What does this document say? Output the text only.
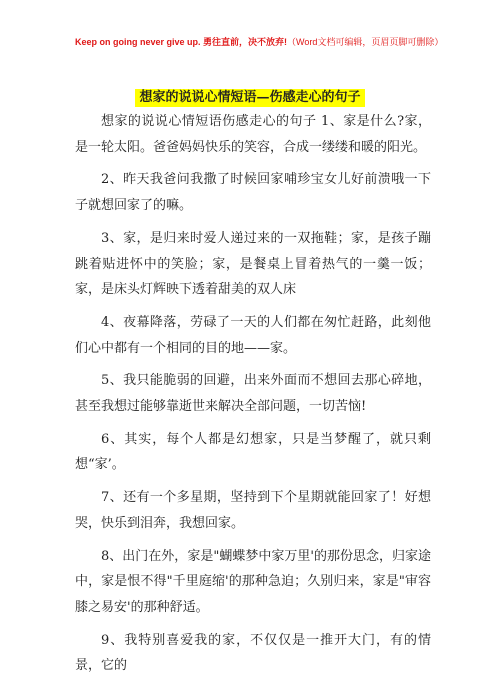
Keep on going never give up. 勇往直前，决不放弃!（Word文档可编辑，页眉页脚可删除）
想家的说说心情短语—伤感走心的句子

想家的说说心情短语伤感走心的句子 1、家是什么?家，是一轮太阳。爸爸妈妈快乐的笑容，合成一缕缕和暖的阳光。

2、昨天我爸问我撒了时候回家哺珍宝女儿好前溃哦一下子就想回家了的嘛。

3、家，是归来时爱人递过来的一双拖鞋；家，是孩子蹦跳着贴进怀中的笑脸；家，是餐桌上冒着热气的一羹一饭；家，是床头灯辉映下透着甜美的双人床

4、夜幕降落，劳碌了一天的人们都在匆忙赶路，此刻他们心中都有一个相同的目的地——家。

5、我只能脆弱的回避，出来外面而不想回去那心碎地，甚至我想过能够靠逝世来解决全部问题，一切苦恼!

6、其实，每个人都是幻想家，只是当梦醒了，就只剩想“家’。

7、还有一个多星期，坚持到下个星期就能回家了！好想哭，快乐到泪奔，我想回家。

8、出门在外，家是"蝴蝶梦中家万里'的那份思念，归家途中，家是恨不得"千里庭缩'的那种急迫；久别归来，家是"审容膝之易安'的那种舒适。

9、我特别喜爱我的家，不仅仅是一推开大门，有的情景，它的
